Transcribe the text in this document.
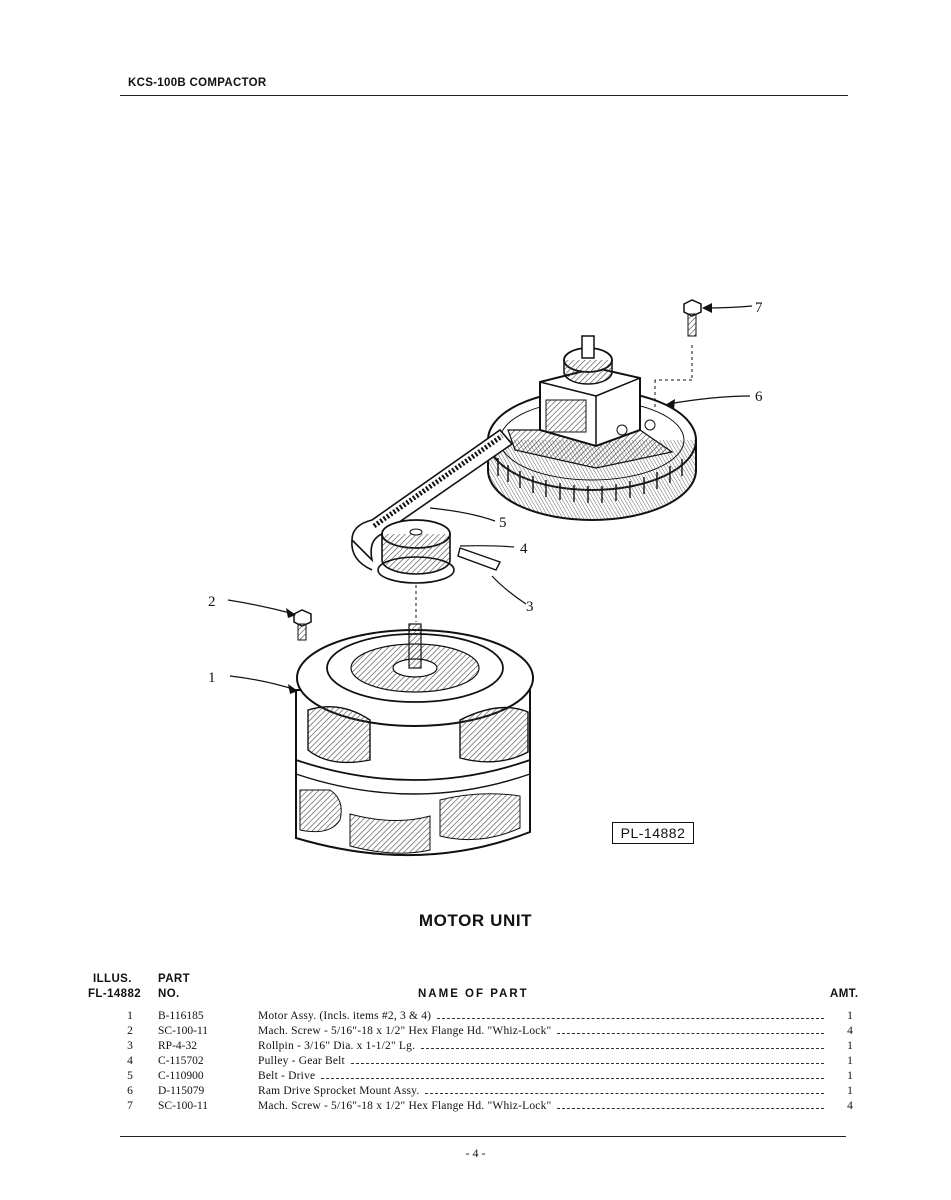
KCS-100B COMPACTOR
1
2	3
4
5
6
7
PL-14882
MOTOR UNIT
ILLUS.
FL-14882
PART
NO.	NAME OF PART	AMT.
1	B-116185	Motor Assy. (Incls. items #2, 3 & 4)	1
2	SC-100-11	Mach. Screw - 5/16"-18 x 1/2" Hex Flange Hd. "Whiz-Lock"	4
3	RP-4-32	Rollpin - 3/16" Dia. x 1-1/2" Lg.	1
4	C-115702	Pulley - Gear Belt	1
5	C-110900	Belt - Drive	1
6	D-115079	Ram Drive Sprocket Mount Assy.	1
7	SC-100-11	Mach. Screw - 5/16"-18 x 1/2" Hex Flange Hd. "Whiz-Lock"	4
- 4 -
